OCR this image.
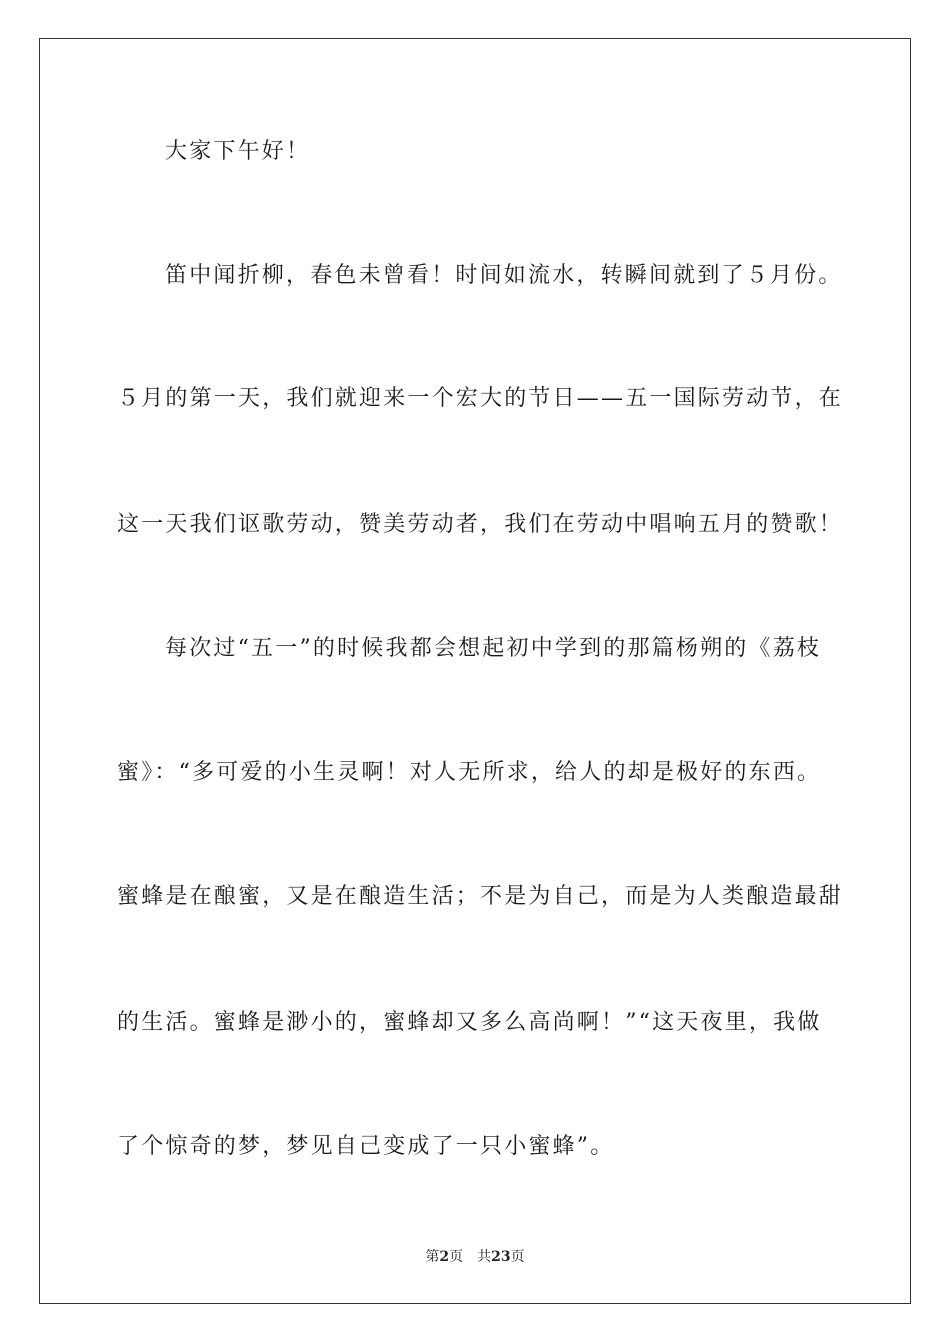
大家下午好！
笛中闻折柳，春色未曾看！时间如流水，转瞬间就到了５月份。
５月的第一天，我们就迎来一个宏大的节日——五一国际劳动节，在
这一天我们讴歌劳动，赞美劳动者，我们在劳动中唱响五月的赞歌！
每次过“五一”的时候我都会想起初中学到的那篇杨朔的《荔枝
蜜》：“多可爱的小生灵啊！对人无所求，给人的却是极好的东西。
蜜蜂是在酿蜜，又是在酿造生活；不是为自己，而是为人类酿造最甜
的生活。蜜蜂是渺小的，蜜蜂却又多么高尚啊！”“这天夜里，我做
了个惊奇的梦，梦见自己变成了一只小蜜蜂”。
第2页 共23页
